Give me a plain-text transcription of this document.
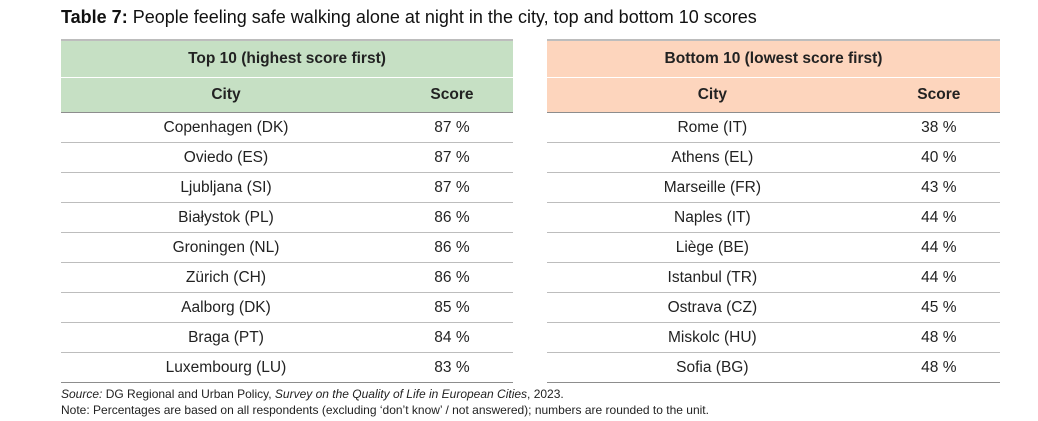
Table 7: People feeling safe walking alone at night in the city, top and bottom 10 scores
Top 10 (highest score first)	
City	Score
Copenhagen (DK)	87 %
Oviedo (ES)	87 %
Ljubljana (SI)	87 %
Białystok (PL)	86 %
Groningen (NL)	86 %
Zürich (CH)	86 %
Aalborg (DK)	85 %
Braga (PT)	84 %
Luxembourg (LU)	83 %
Bottom 10 (lowest score first)	
City	Score
Rome (IT)	38 %
Athens (EL)	40 %
Marseille (FR)	43 %
Naples (IT)	44 %
Liège (BE)	44 %
Istanbul (TR)	44 %
Ostrava (CZ)	45 %
Miskolc (HU)	48 %
Sofia (BG)	48 %
Source: DG Regional and Urban Policy, Survey on the Quality of Life in European Cities, 2023.
Note: Percentages are based on all respondents (excluding ‘don’t know’ / not answered); numbers are rounded to the unit.
